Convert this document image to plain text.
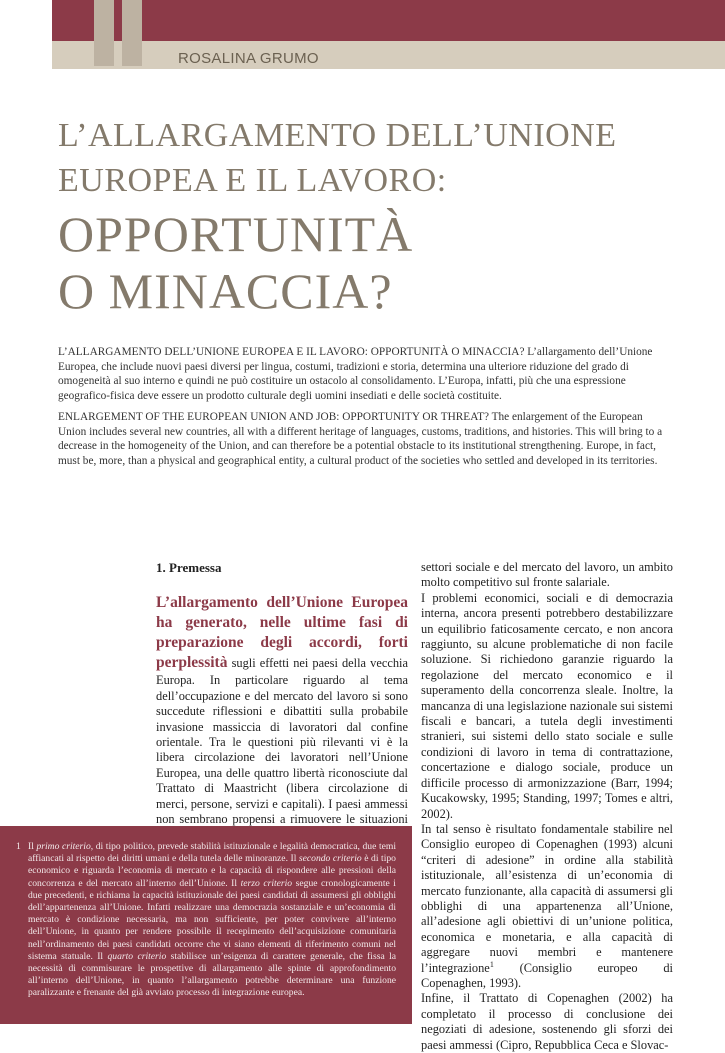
ROSALINA GRUMO
L’ALLARGAMENTO DELL’UNIONE
EUROPEA E IL LAVORO:
OPPORTUNITÀ
O MINACCIA?
L’ALLARGAMENTO DELL’UNIONE EUROPEA E IL LAVORO: OPPORTUNITÀ O MINACCIA? L’allargamento dell’Unione Europea, che include nuovi paesi diversi per lingua, costumi, tradizioni e storia, determina una ulteriore riduzione del grado di omogeneità al suo interno e quindi ne può costituire un ostacolo al consolidamento. L’Europa, infatti, più che una espressione geografico-fisica deve essere un prodotto culturale degli uomini insediati e delle società costituite.
ENLARGEMENT OF THE EUROPEAN UNION AND JOB: OPPORTUNITY OR THREAT? The enlargement of the European Union includes several new countries, all with a different heritage of languages, customs, traditions, and histories. This will bring to a decrease in the homogeneity of the Union, and can therefore be a potential obstacle to its institutional strengthening. Europe, in fact, must be, more, than a physical and geographical entity, a cultural product of the societies who settled and developed in its territories.
1. Premessa

L’allargamento dell’Unione Europea ha generato, nelle ultime fasi di preparazione degli accordi, forti perplessità sugli effetti nei paesi della vecchia Europa. In particolare riguardo al tema dell’occupazione e del mercato del lavoro si sono succedute riflessioni e dibattiti sulla probabile invasione massiccia di lavoratori dal confine orientale. Tra le questioni più rilevanti vi è la libera circolazione dei lavoratori nell’Unione Europea, una delle quattro libertà riconosciute dal Trattato di Maastricht (libera circolazione di merci, persone, servizi e capitali). I paesi ammessi non sembrano propensi a rimuovere le situazioni

settori sociale e del mercato del lavoro, un ambito molto competitivo sul fronte salariale.

I problemi economici, sociali e di democrazia interna, ancora presenti potrebbero destabilizzare un equilibrio faticosamente cercato, e non ancora raggiunto, su alcune problematiche di non facile soluzione. Si richiedono garanzie riguardo la regolazione del mercato economico e il superamento della concorrenza sleale. Inoltre, la mancanza di una legislazione nazionale sui sistemi fiscali e bancari, a tutela degli investimenti stranieri, sui sistemi dello stato sociale e sulle condizioni di lavoro in tema di contrattazione, concertazione e dialogo sociale, produce un difficile processo di armonizzazione (Barr, 1994; Kucakowsky, 1995; Standing, 1997; Tomes e altri, 2002).

In tal senso è risultato fondamentale stabilire nel Consiglio europeo di Copenaghen (1993) alcuni “criteri di adesione” in ordine alla stabilità istituzionale, all’esistenza di un’economia di mercato funzionante, alla capacità di assumersi gli obblighi di una appartenenza all’Unione, all’adesione agli obiettivi di un’unione politica, economica e monetaria, e alla capacità di aggregare nuovi membri e mantenere l’integrazione$^1$ (Consiglio europeo di Copenaghen, 1993).

Infine, il Trattato di Copenaghen (2002) ha completato il processo di conclusione dei negoziati di adesione, sostenendo gli sforzi dei paesi ammessi (Cipro, Repubblica Ceca e Slovac-

1 Il primo criterio, di tipo politico, prevede stabilità istituzionale e legalità democratica, due temi affiancati al rispetto dei diritti umani e della tutela delle minoranze. Il secondo criterio è di tipo economico e riguarda l’economia di mercato e la capacità di rispondere alle pressioni della concorrenza e del mercato all’interno dell’Unione. Il terzo criterio segue cronologicamente i due precedenti, e richiama la capacità istituzionale dei paesi candidati di assumersi gli obblighi dell’appartenenza all’Unione. Infatti realizzare una democrazia sostanziale e un’economia di mercato è condizione necessaria, ma non sufficiente, per poter convivere all’interno dell’Unione, in quanto per rendere possibile il recepimento dell’acquisizione comunitaria nell’ordinamento dei paesi candidati occorre che vi siano elementi di riferimento comuni nel sistema statuale. Il quarto criterio stabilisce un’esigenza di carattere generale, che fissa la necessità di commisurare le prospettive di allargamento alle spinte di approfondimento all’interno dell’Unione, in quanto l’allargamento potrebbe determinare una funzione paralizzante e frenante del già avviato processo di integrazione europea.
